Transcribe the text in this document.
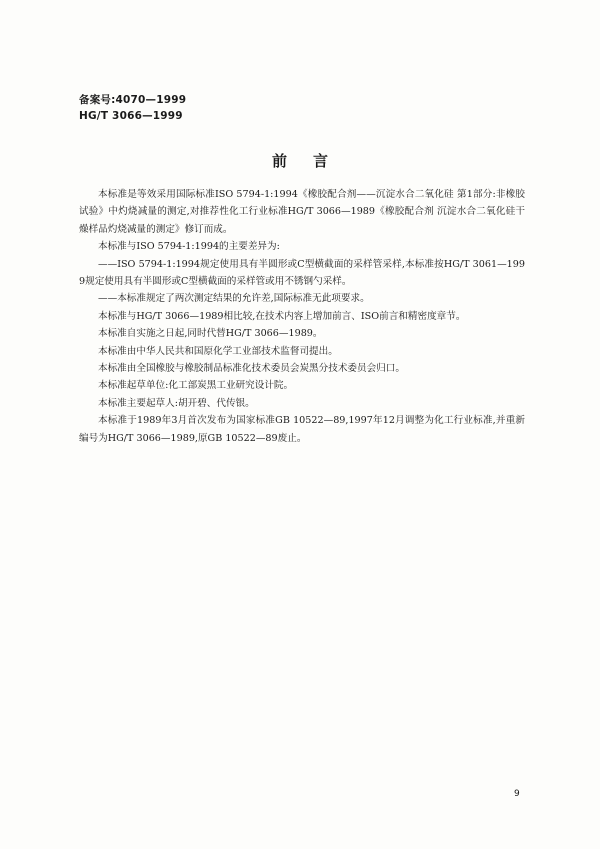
备案号:4070—1999
HG/T 3066—1999
前言

本标准是等效采用国际标准ISO 5794-1:1994《橡胶配合剂——沉淀水合二氧化硅 第1部分:非橡胶试验》中灼烧减量的测定,对推荐性化工行业标准HG/T 3066—1989《橡胶配合剂 沉淀水合二氧化硅干燥样品灼烧减量的测定》修订而成。

本标准与ISO 5794-1:1994的主要差异为:

——ISO 5794-1:1994规定使用具有半圆形或C型横截面的采样管采样,本标准按HG/T 3061—1999规定使用具有半圆形或C型横截面的采样管或用不锈钢勺采样。

——本标准规定了两次测定结果的允许差,国际标准无此项要求。

本标准与HG/T 3066—1989相比较,在技术内容上增加前言、ISO前言和精密度章节。

本标准自实施之日起,同时代替HG/T 3066—1989。

本标准由中华人民共和国原化学工业部技术监督司提出。

本标准由全国橡胶与橡胶制品标准化技术委员会炭黑分技术委员会归口。

本标准起草单位:化工部炭黑工业研究设计院。

本标准主要起草人:胡开碧、代传银。

本标准于1989年3月首次发布为国家标准GB 10522—89,1997年12月调整为化工行业标准,并重新编号为HG/T 3066—1989,原GB 10522—89废止。

9
